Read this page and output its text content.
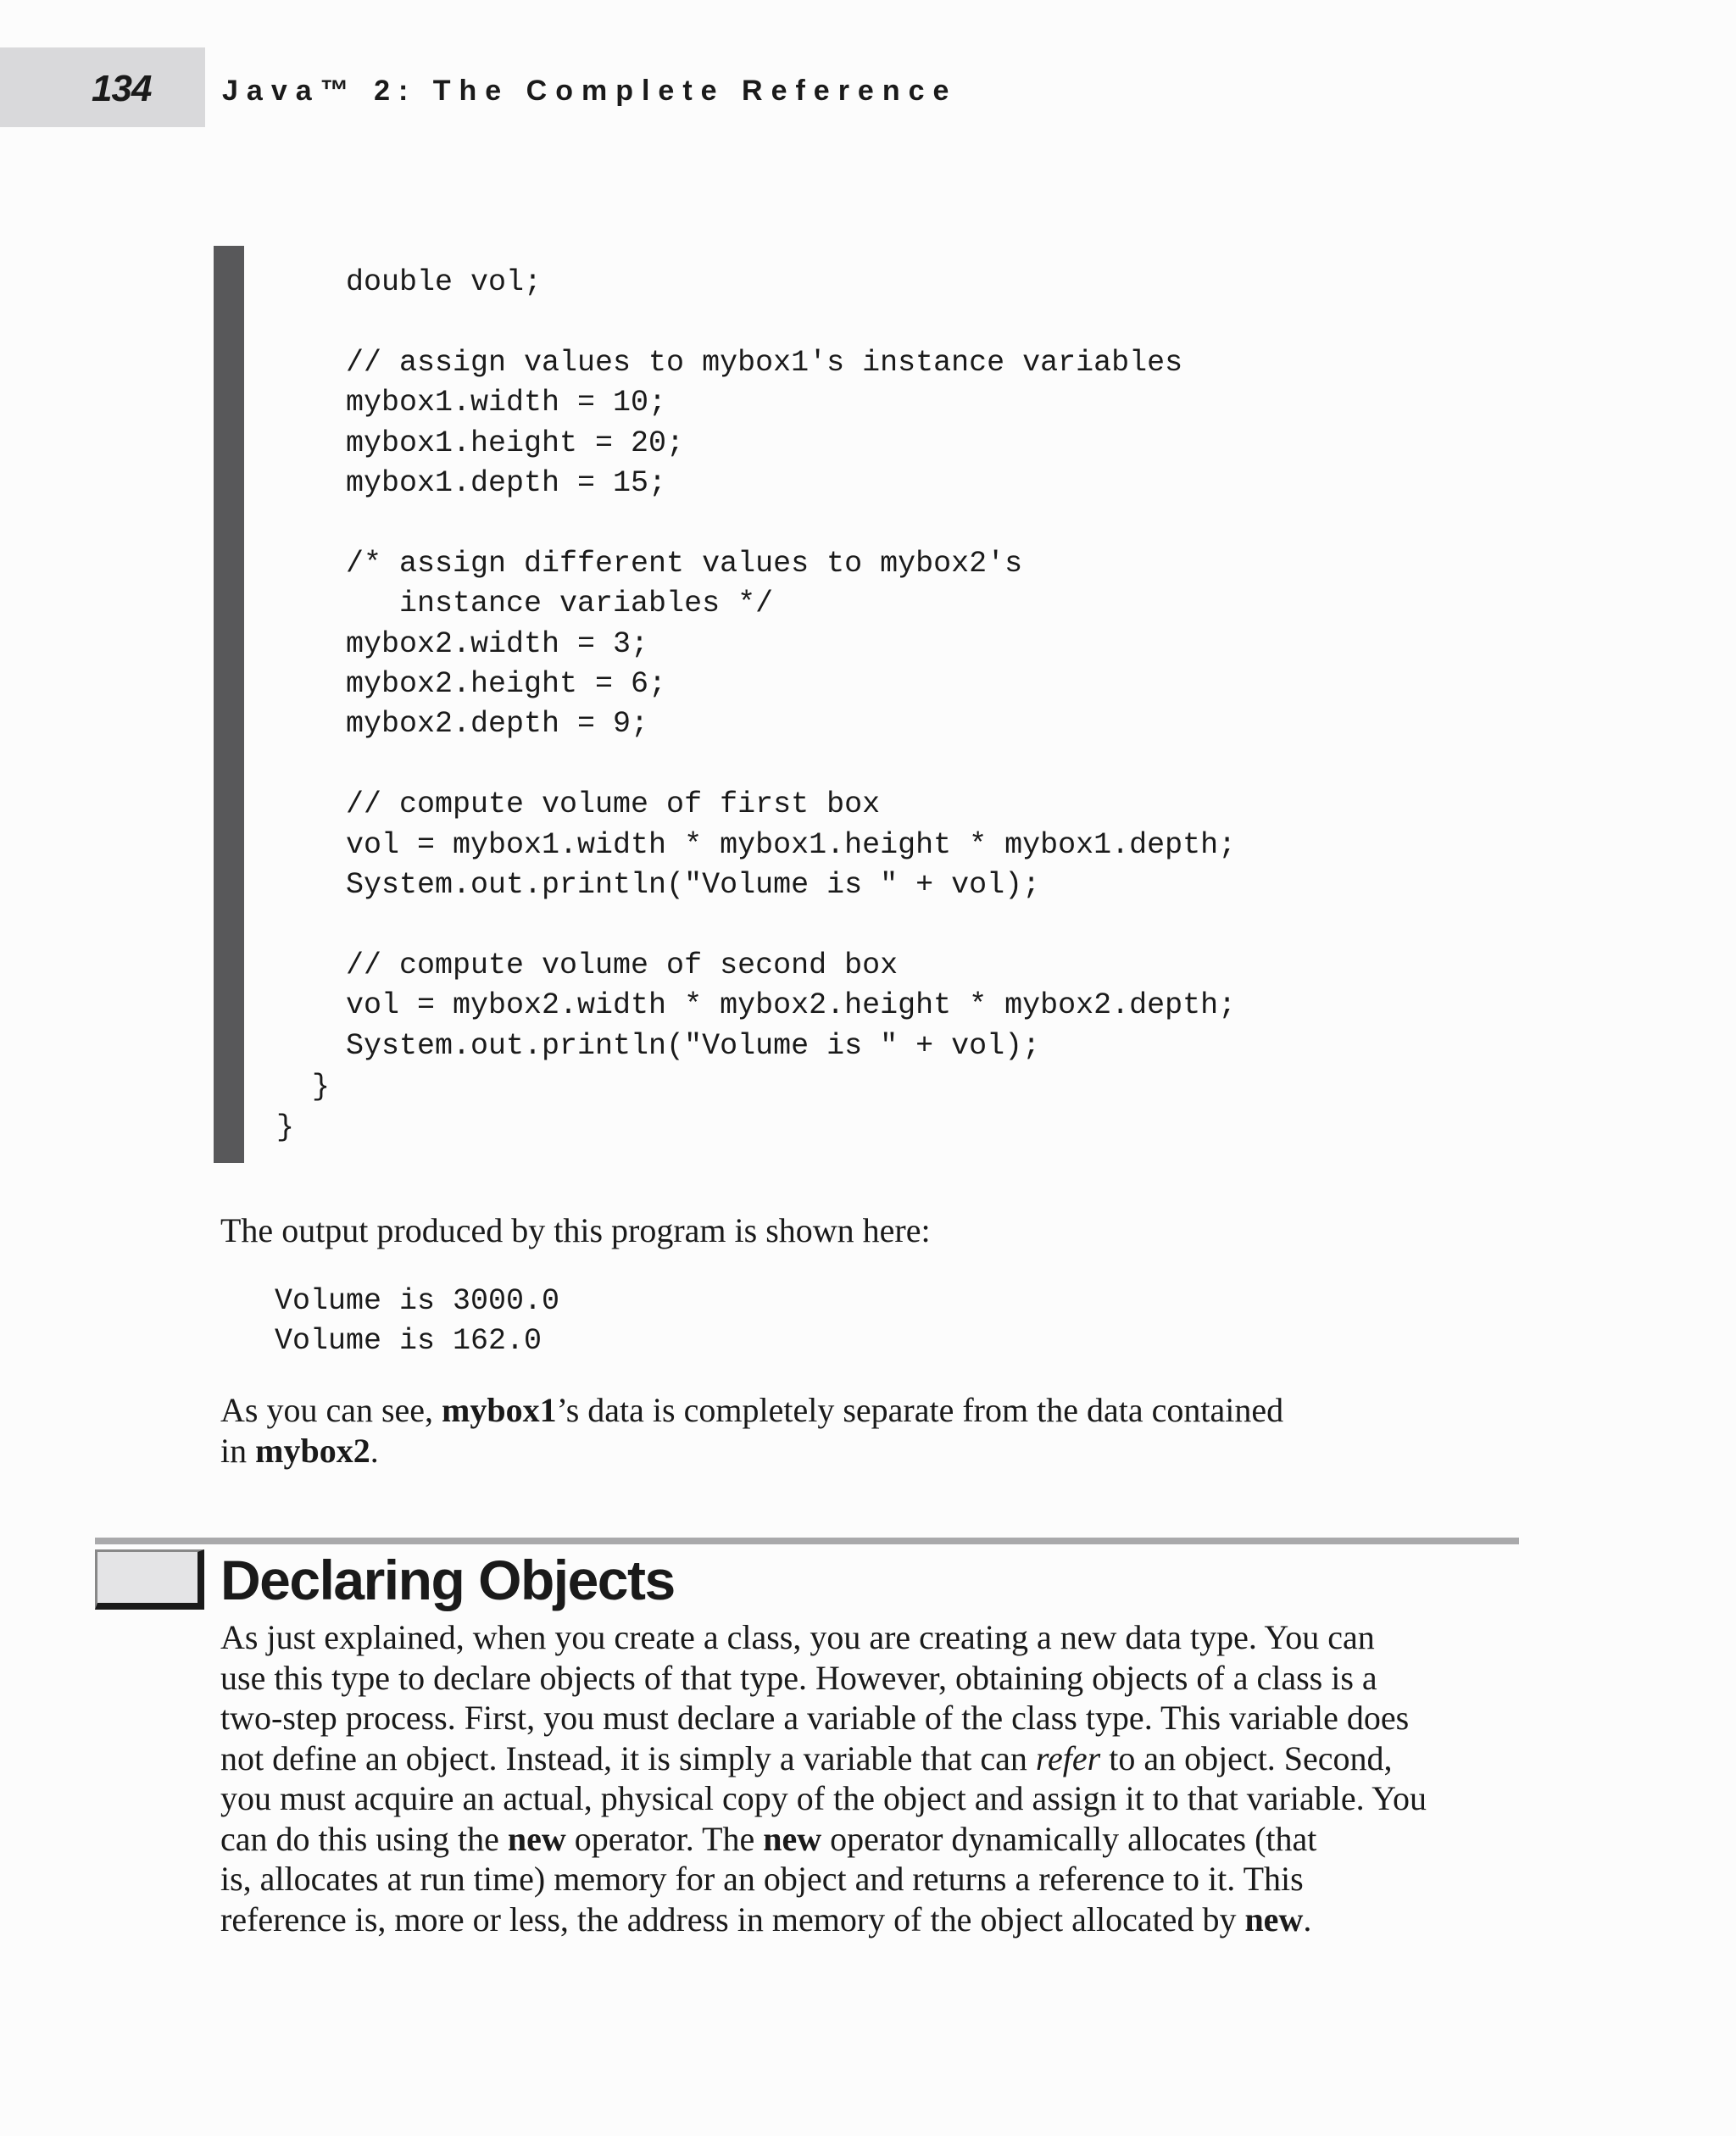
134 Java™ 2: The Complete Reference
double vol;

// assign values to mybox1's instance variables
mybox1.width = 10;
mybox1.height = 20;
mybox1.depth = 15;

/* assign different values to mybox2's
instance variables */
mybox2.width = 3;
mybox2.height = 6;
mybox2.depth = 9;

// compute volume of first box
vol = mybox1.width * mybox1.height * mybox1.depth;
System.out.println("Volume is " + vol);

// compute volume of second box
vol = mybox2.width * mybox2.height * mybox2.depth;
System.out.println("Volume is " + vol);
}
}

The output produced by this program is shown here:

Volume is 3000.0
Volume is 162.0

As you can see, mybox1’s data is completely separate from the data contained
in mybox2.

Declaring Objects

As just explained, when you create a class, you are creating a new data type. You can
use this type to declare objects of that type. However, obtaining objects of a class is a
two-step process. First, you must declare a variable of the class type. This variable does
not define an object. Instead, it is simply a variable that can refer to an object. Second,
you must acquire an actual, physical copy of the object and assign it to that variable. You
can do this using the new operator. The new operator dynamically allocates (that
is, allocates at run time) memory for an object and returns a reference to it. This
reference is, more or less, the address in memory of the object allocated by new.
